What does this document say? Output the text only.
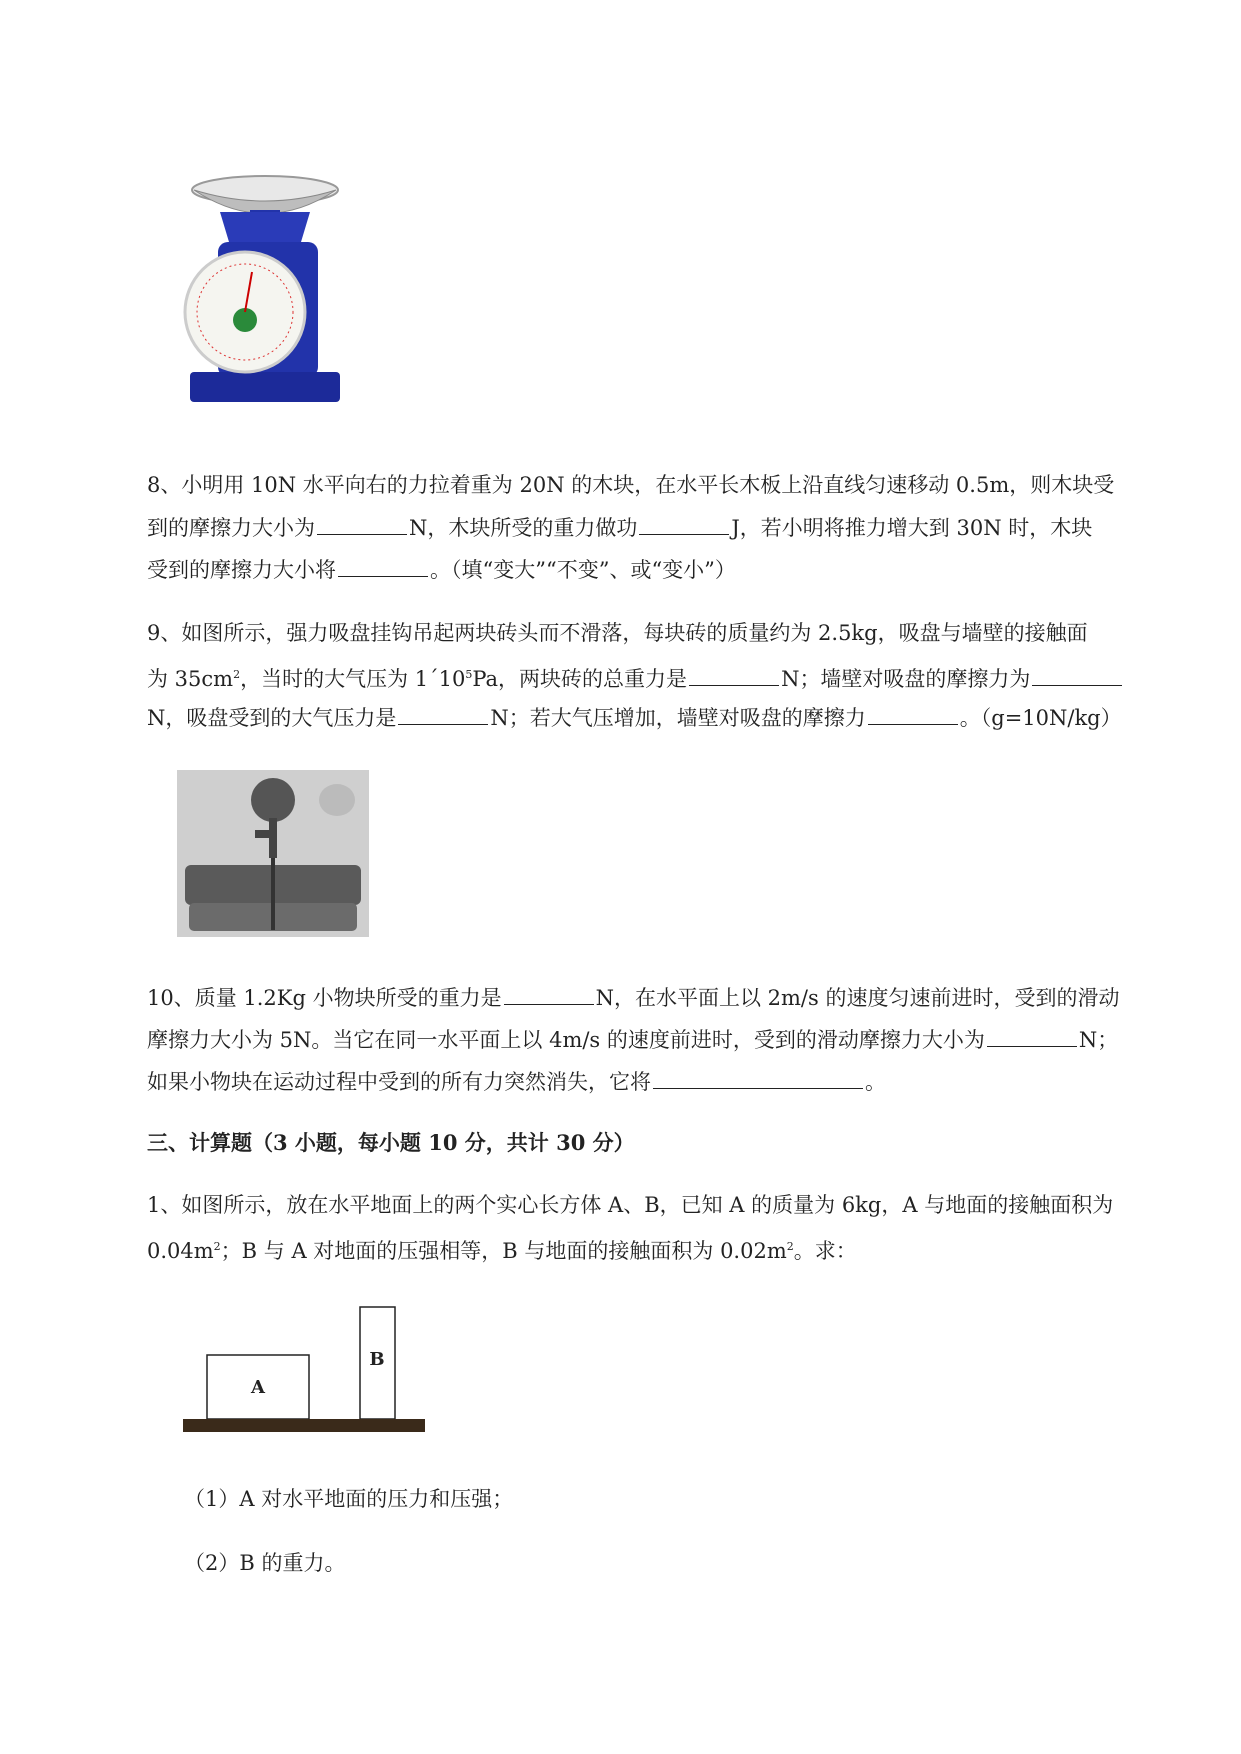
8、小明用 10N 水平向右的力拉着重为 20N 的木块，在水平长木板上沿直线匀速移动 0.5m，则木块受
到的摩擦力大小为	N，木块所受的重力做功	J，若小明将推力增大到 30N 时，木块
受到的摩擦力大小将	。（填“变大”“不变”、或“变小”）
9、如图所示，强力吸盘挂钩吊起两块砖头而不滑落，每块砖的质量约为 2.5kg，吸盘与墙壁的接触面
为 $35cm^2$，当时的大气压为 $1´10^5Pa$，两块砖的总重力是	N；墙壁对吸盘的摩擦力为
N，吸盘受到的大气压力是	N；若大气压增加，墙壁对吸盘的摩擦力	。（g=10N/kg）
10、质量 1.2Kg 小物块所受的重力是	N，在水平面上以 2m/s 的速度匀速前进时，受到的滑动
摩擦力大小为 5N。当它在同一水平面上以 4m/s 的速度前进时，受到的滑动摩擦力大小为	N；
如果小物块在运动过程中受到的所有力突然消失，它将	。
三、计算题（3 小题，每小题 10 分，共计 30 分）
1、如图所示，放在水平地面上的两个实心长方体 A、B，已知 A 的质量为 6kg，A 与地面的接触面积为
$0.04m^2$；B 与 A 对地面的压强相等，B 与地面的接触面积为 $0.02m^2$。求：
A
B
（1）A 对水平地面的压力和压强；
（2）B 的重力。
